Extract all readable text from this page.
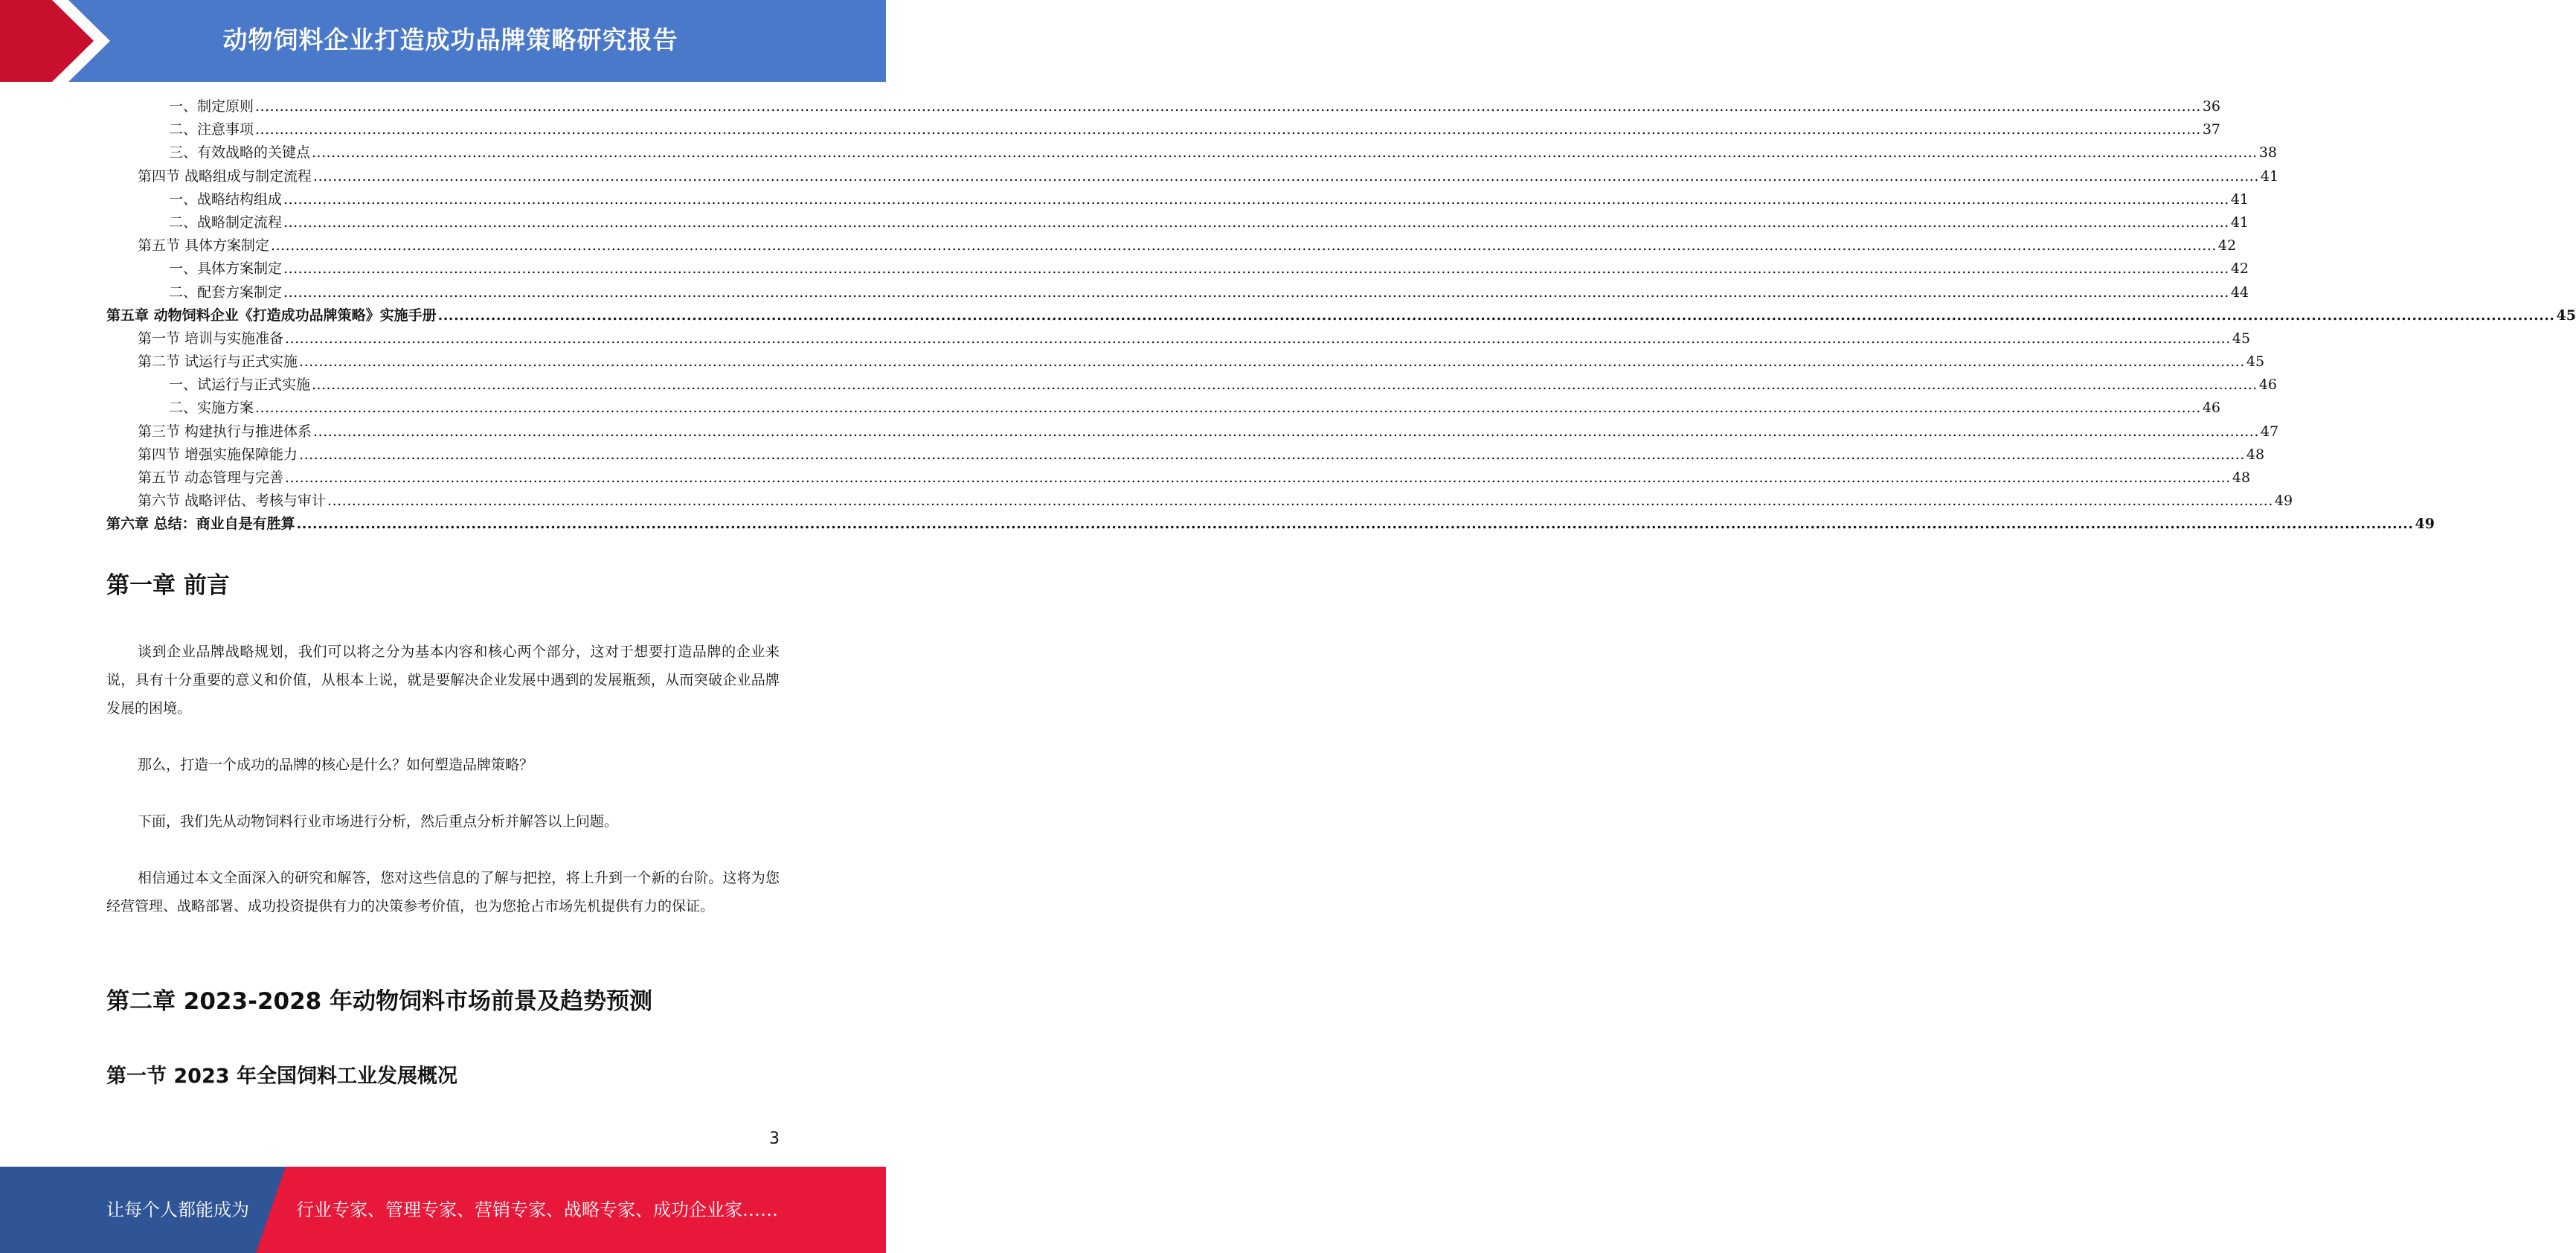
动物饲料企业打造成功品牌策略研究报告
一、制定原则 ................................................................................................................................................................................................................................................................................................................................................................................................................ 36
二、注意事项 ................................................................................................................................................................................................................................................................................................................................................................................................................ 37
三、有效战略的关键点 ................................................................................................................................................................................................................................................................................................................................................................................................................ 38
第四节 战略组成与制定流程 ................................................................................................................................................................................................................................................................................................................................................................................................................ 41
一、战略结构组成 ................................................................................................................................................................................................................................................................................................................................................................................................................ 41
二、战略制定流程 ................................................................................................................................................................................................................................................................................................................................................................................................................ 41
第五节 具体方案制定 ................................................................................................................................................................................................................................................................................................................................................................................................................ 42
一、具体方案制定 ................................................................................................................................................................................................................................................................................................................................................................................................................ 42
二、配套方案制定 ................................................................................................................................................................................................................................................................................................................................................................................................................ 44
第五章 动物饲料企业《打造成功品牌策略》实施手册 ................................................................................................................................................................................................................................................................................................................................................................................................................ 45
第一节 培训与实施准备 ................................................................................................................................................................................................................................................................................................................................................................................................................ 45
第二节 试运行与正式实施 ................................................................................................................................................................................................................................................................................................................................................................................................................ 45
一、试运行与正式实施 ................................................................................................................................................................................................................................................................................................................................................................................................................ 46
二、实施方案 ................................................................................................................................................................................................................................................................................................................................................................................................................ 46
第三节 构建执行与推进体系 ................................................................................................................................................................................................................................................................................................................................................................................................................ 47
第四节 增强实施保障能力 ................................................................................................................................................................................................................................................................................................................................................................................................................ 48
第五节 动态管理与完善 ................................................................................................................................................................................................................................................................................................................................................................................................................ 48
第六节 战略评估、考核与审计 ................................................................................................................................................................................................................................................................................................................................................................................................................ 49
第六章 总结：商业自是有胜算 ................................................................................................................................................................................................................................................................................................................................................................................................................ 49
第一章 前言

谈到企业品牌战略规划，我们可以将之分为基本内容和核心两个部分，这对于想要打造品牌的企业来说，具有十分重要的意义和价值，从根本上说，就是要解决企业发展中遇到的发展瓶颈，从而突破企业品牌发展的困境。

那么，打造一个成功的品牌的核心是什么？如何塑造品牌策略？

下面，我们先从动物饲料行业市场进行分析，然后重点分析并解答以上问题。

相信通过本文全面深入的研究和解答，您对这些信息的了解与把控，将上升到一个新的台阶。这将为您经营管理、战略部署、成功投资提供有力的决策参考价值，也为您抢占市场先机提供有力的保证。

第二章 2023-2028 年动物饲料市场前景及趋势预测
第一节 2023 年全国饲料工业发展概况
3
让每个人都能成为	行业专家、管理专家、营销专家、战略专家、成功企业家……
